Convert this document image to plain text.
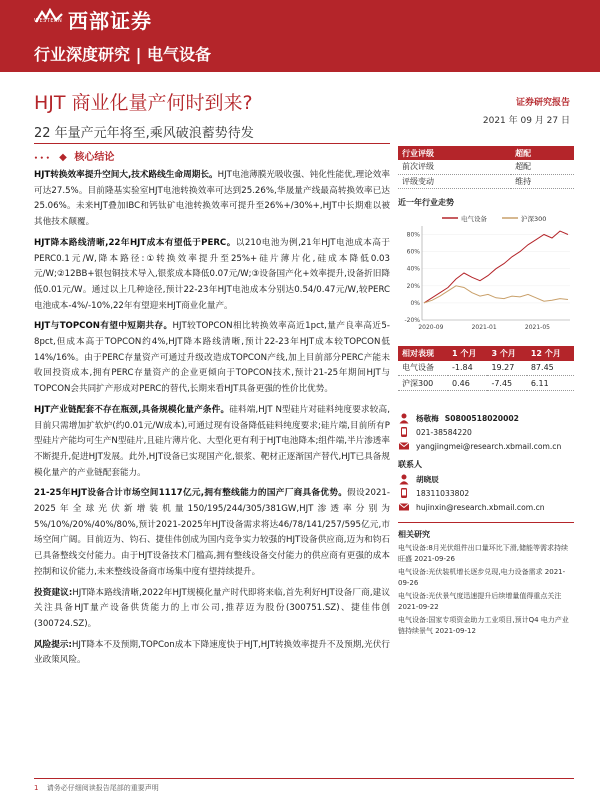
WESTERN 西部证券
行业深度研究 | 电气设备
HJT 商业化量产何时到来?	证券研究报告
2021 年 09 月 27 日
22 年量产元年将至,乘风破浪蓄势待发
• • • ◆ 核心结论
HJT转换效率提升空间大,技术路线生命周期长。HJT电池薄膜光吸收强、钝化性能优,理论效率可达27.5%。目前隆基实验室HJT电池转换效率可达到25.26%,华晟量产线最高转换效率已达25.06%。未来HJT叠加IBC和钙钛矿电池转换效率可提升至26%+/30%+,HJT中长期难以被其他技术颠覆。
HJT降本路线清晰,22年HJT成本有望低于PERC。以210电池为例,21年HJT电池成本高于PERC0.1元/W,降本路径:①转换效率提升至25%+硅片薄片化,硅成本降低0.03元/W;②12BB+银包铜技术导入,银浆成本降低0.07元/W;③设备国产化+效率提升,设备折旧降低0.01元/W。通过以上几种途径,预计22-23年HJT电池成本分别达0.54/0.47元/W,较PERC电池成本-4%/-10%,22年有望迎来HJT商业化量产。
HJT与TOPCON有望中短期共存。HJT较TOPCON相比转换效率高近1pct,量产良率高近5-8pct,但成本高于TOPCON约4%,HJT降本路线清晰,预计22-23年HJT成本较TOPCON低14%/16%。由于PERC存量资产可通过升级改造成TOPCON产线,加上目前部分PERC产能未收回投资成本,拥有PERC存量资产的企业更倾向于TOPCON技术,预计21-25年期间HJT与TOPCON会共同扩产形成对PERC的替代,长期来看HJT具备更强的性价比优势。
HJT产业链配套不存在瓶颈,具备规模化量产条件。硅料端,HJT N型硅片对硅料纯度要求较高,目前只需增加扩软炉(约0.01元/W成本),可通过现有设备降低硅料纯度要求;硅片端,目前所有P型硅片产能均可生产N型硅片,且硅片薄片化、大型化更有利于HJT电池降本;组件端,半片渗透率不断提升,促进HJT发展。此外,HJT设备已实现国产化,银浆、靶材正逐渐国产替代,HJT已具备规模化量产的产业链配套能力。
21-25年HJT设备合计市场空间1117亿元,拥有整线能力的国产厂商具备优势。假设2021-2025年全球光伏新增装机量150/195/244/305/381GW,HJT渗透率分别为5%/10%/20%/40%/80%,预计2021-2025年HJT设备需求将达46/78/141/257/595亿元,市场空间广阔。目前迈为、钧石、捷佳伟创成为国内竞争实力较强的HJT设备供应商,迈为和钧石已具备整线交付能力。由于HJT设备技术门槛高,拥有整线设备交付能力的供应商有更强的成本控制和议价能力,未来整线设备商市场集中度有望持续提升。
投资建议:HJT降本路线清晰,2022年HJT规模化量产时代即将来临,首先利好HJT设备厂商,建议关注具备HJT量产设备供货能力的上市公司,推荐迈为股份(300751.SZ)、捷佳伟创(300724.SZ)。
风险提示:HJT降本不及预期,TOPCon成本下降速度快于HJT,HJT转换效率提升不及预期,光伏行业政策风险。
行业评级	超配
前次评级	超配
评级变动	维持
近一年行业走势
电气设备	沪深300
-20%
0%
20%
40%
60%
80%
2020-09	2021-01	2021-05
相对表现	1 个月	3 个月	12 个月
电气设备	-1.84	19.27	87.45
沪深300	0.46	-7.45	6.11
杨敬梅 S0800518020002
021-38584220
yangjingmei@research.xbmail.com.cn
联系人
胡晓辰
18311033802
hujinxin@research.xbmail.com.cn
相关研究
电气设备:8月光伏组件出口量环比下滑,储能等需求持续旺盛 2021-09-26
电气设备:光伏装机增长逐步兑现,电力设备需求 2021-09-26
电气设备:光伏景气度迅速提升后续增量值得重点关注 2021-09-22
电气设备:国家专项资金助力工业项目,预计Q4 电力产业链持续景气 2021-09-12
1 请务必仔细阅读报告尾部的重要声明
